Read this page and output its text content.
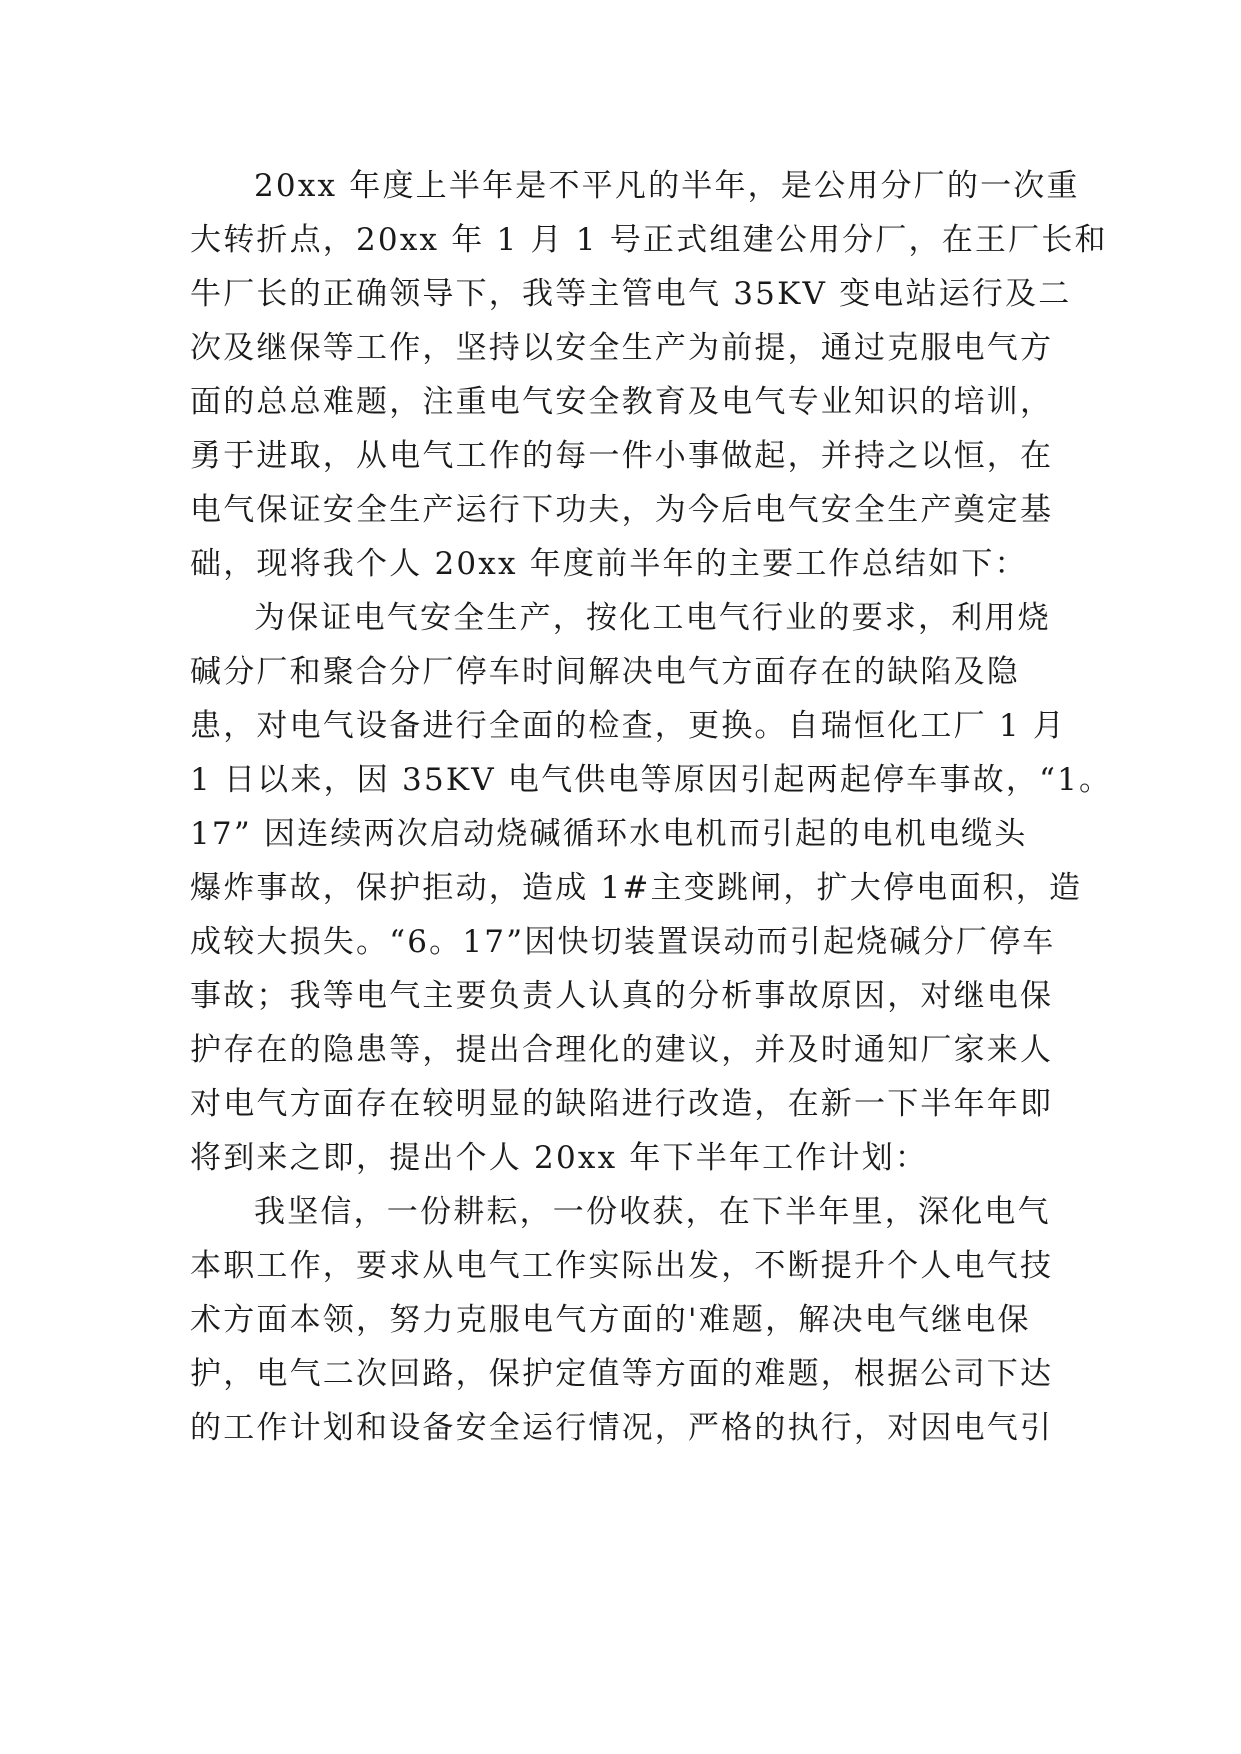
20xx 年度上半年是不平凡的半年，是公用分厂的一次重
大转折点，20xx 年 1 月 1 号正式组建公用分厂，在王厂长和
牛厂长的正确领导下，我等主管电气 35KV 变电站运行及二
次及继保等工作，坚持以安全生产为前提，通过克服电气方
面的总总难题，注重电气安全教育及电气专业知识的培训，
勇于进取，从电气工作的每一件小事做起，并持之以恒，在
电气保证安全生产运行下功夫，为今后电气安全生产奠定基
础，现将我个人 20xx 年度前半年的主要工作总结如下：
为保证电气安全生产，按化工电气行业的要求，利用烧
碱分厂和聚合分厂停车时间解决电气方面存在的缺陷及隐
患，对电气设备进行全面的检查，更换。自瑞恒化工厂 1 月
1 日以来，因 35KV 电气供电等原因引起两起停车事故，“1。
17” 因连续两次启动烧碱循环水电机而引起的电机电缆头
爆炸事故，保护拒动，造成 1#主变跳闸，扩大停电面积，造
成较大损失。“6。17”因快切装置误动而引起烧碱分厂停车
事故；我等电气主要负责人认真的分析事故原因，对继电保
护存在的隐患等，提出合理化的建议，并及时通知厂家来人
对电气方面存在较明显的缺陷进行改造，在新一下半年年即
将到来之即，提出个人 20xx 年下半年工作计划：
我坚信，一份耕耘，一份收获，在下半年里，深化电气
本职工作，要求从电气工作实际出发，不断提升个人电气技
术方面本领，努力克服电气方面的'难题，解决电气继电保
护，电气二次回路，保护定值等方面的难题，根据公司下达
的工作计划和设备安全运行情况，严格的执行，对因电气引
